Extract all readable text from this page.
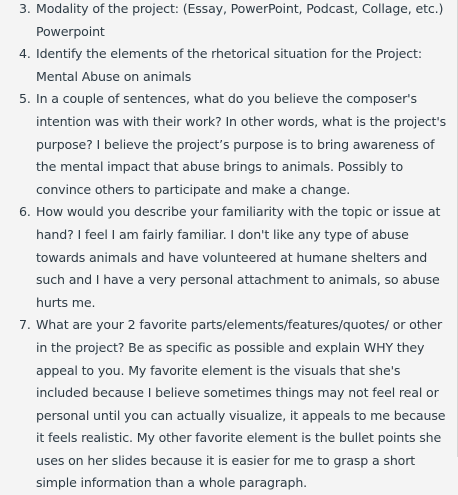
3. Modality of the project: (Essay, PowerPoint, Podcast, Collage, etc.) Powerpoint
4. Identify the elements of the rhetorical situation for the Project: Mental Abuse on animals
5. In a couple of sentences, what do you believe the composer's intention was with their work? In other words, what is the project's purpose? I believe the project’s purpose is to bring awareness of the mental impact that abuse brings to animals. Possibly to convince others to participate and make a change.
6. How would you describe your familiarity with the topic or issue at hand? I feel I am fairly familiar. I don't like any type of abuse towards animals and have volunteered at humane shelters and such and I have a very personal attachment to animals, so abuse hurts me.
7. What are your 2 favorite parts/elements/features/quotes/ or other in the project? Be as specific as possible and explain WHY they appeal to you. My favorite element is the visuals that she's included because I believe sometimes things may not feel real or personal until you can actually visualize, it appeals to me because it feels realistic. My other favorite element is the bullet points she uses on her slides because it is easier for me to grasp a short simple information than a whole paragraph.
